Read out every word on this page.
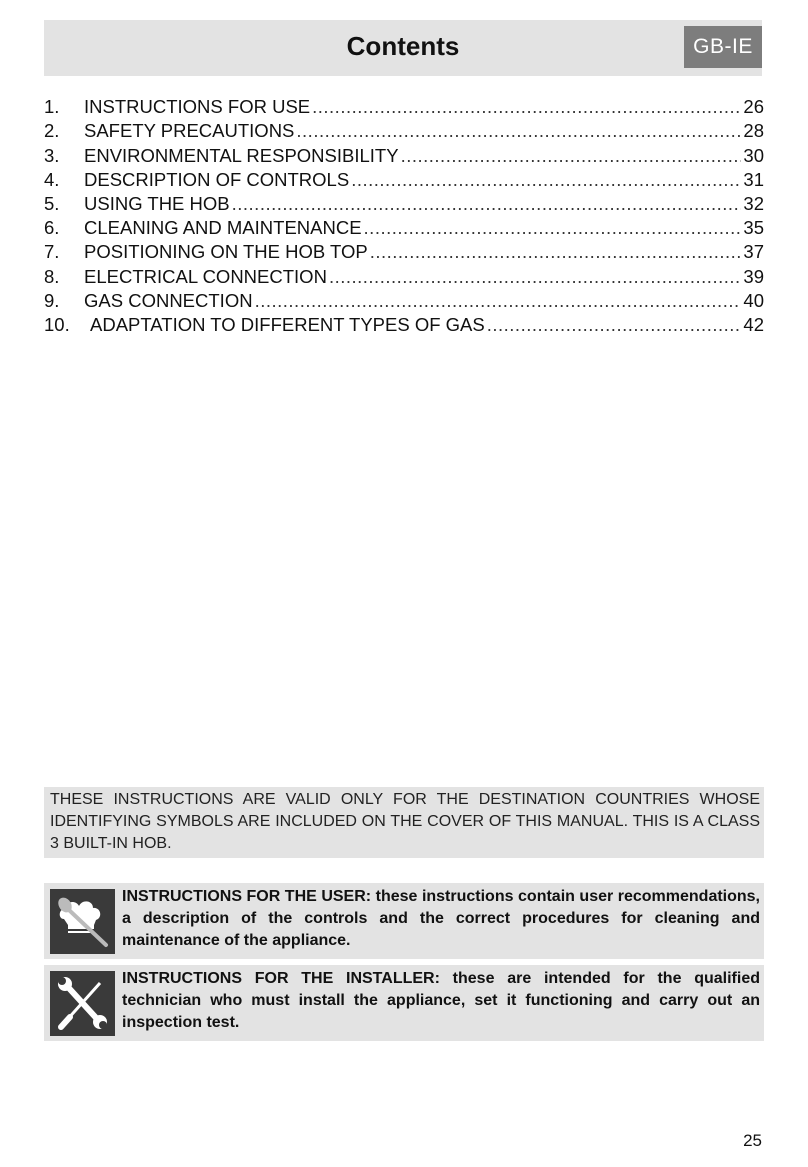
Contents	GB-IE
1.	INSTRUCTIONS FOR USE .....	26
2.	SAFETY PRECAUTIONS .....	28
3.	ENVIRONMENTAL RESPONSIBILITY .....	30
4.	DESCRIPTION OF CONTROLS .....	31
5.	USING THE HOB .....	32
6.	CLEANING AND MAINTENANCE .....	35
7.	POSITIONING ON THE HOB TOP .....	37
8.	ELECTRICAL CONNECTION .....	39
9.	GAS CONNECTION .....	40
10.	ADAPTATION TO DIFFERENT TYPES OF GAS .....	42
THESE INSTRUCTIONS ARE VALID ONLY FOR THE DESTINATION COUNTRIES WHOSE IDENTIFYING SYMBOLS ARE INCLUDED ON THE COVER OF THIS MANUAL. THIS IS A CLASS 3 BUILT-IN HOB.
INSTRUCTIONS FOR THE USER: these instructions contain user recommendations, a description of the controls and the correct procedures for cleaning and maintenance of the appliance.
INSTRUCTIONS FOR THE INSTALLER: these are intended for the qualified technician who must install the appliance, set it functioning and carry out an inspection test.
25
